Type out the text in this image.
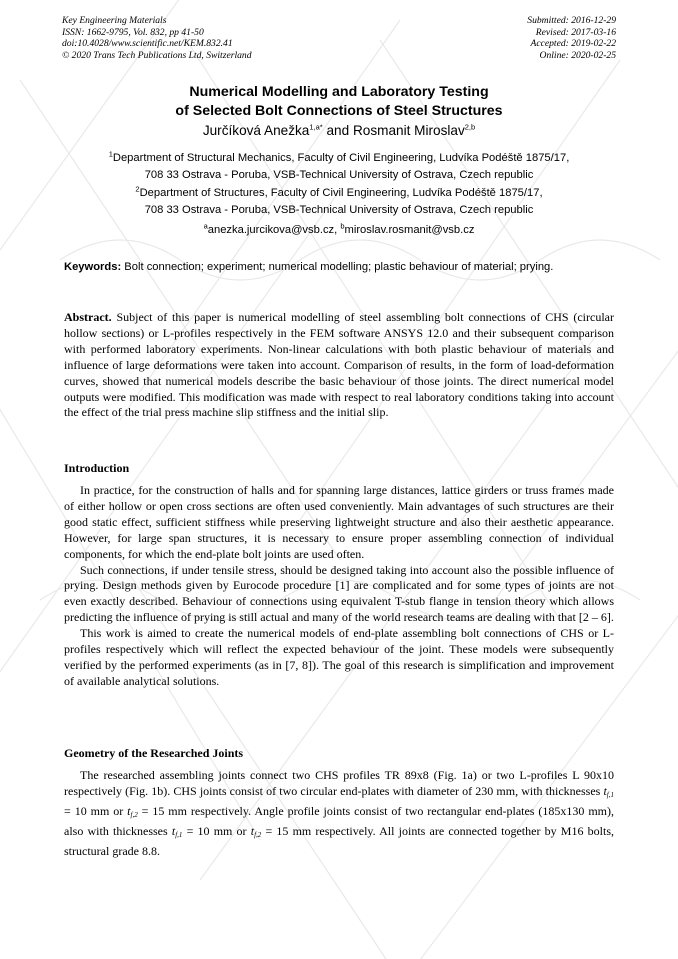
Key Engineering Materials
ISSN: 1662-9795, Vol. 832, pp 41-50
doi:10.4028/www.scientific.net/KEM.832.41
© 2020 Trans Tech Publications Ltd, Switzerland
Submitted: 2016-12-29
Revised: 2017-03-16
Accepted: 2019-02-22
Online: 2020-02-25
Numerical Modelling and Laboratory Testing
of Selected Bolt Connections of Steel Structures
Jurčíková Anežka$^{1,a*}$ and Rosmanit Miroslav$^{2,b}$
$^1$Department of Structural Mechanics, Faculty of Civil Engineering, Ludvíka Podéště 1875/17,
708 33 Ostrava - Poruba, VSB-Technical University of Ostrava, Czech republic
$^2$Department of Structures, Faculty of Civil Engineering, Ludvíka Podéště 1875/17,
708 33 Ostrava - Poruba, VSB-Technical University of Ostrava, Czech republic
$^a$anezka.jurcikova@vsb.cz, $^b$miroslav.rosmanit@vsb.cz
Keywords: Bolt connection; experiment; numerical modelling; plastic behaviour of material; prying.
Abstract. Subject of this paper is numerical modelling of steel assembling bolt connections of CHS (circular hollow sections) or L-profiles respectively in the FEM software ANSYS 12.0 and their subsequent comparison with performed laboratory experiments. Non-linear calculations with both plastic behaviour of materials and influence of large deformations were taken into account. Comparison of results, in the form of load-deformation curves, showed that numerical models describe the basic behaviour of those joints. The direct numerical model outputs were modified. This modification was made with respect to real laboratory conditions taking into account the effect of the trial press machine slip stiffness and the initial slip.
Introduction

In practice, for the construction of halls and for spanning large distances, lattice girders or truss frames made of either hollow or open cross sections are often used conveniently. Main advantages of such structures are their good static effect, sufficient stiffness while preserving lightweight structure and also their aesthetic appearance. However, for large span structures, it is necessary to ensure proper assembling connection of individual components, for which the end-plate bolt joints are used often.

Such connections, if under tensile stress, should be designed taking into account also the possible influence of prying. Design methods given by Eurocode procedure [1] are complicated and for some types of joints are not even exactly described. Behaviour of connections using equivalent T-stub flange in tension theory which allows predicting the influence of prying is still actual and many of the world research teams are dealing with that [2 – 6].

This work is aimed to create the numerical models of end-plate assembling bolt connections of CHS or L-profiles respectively which will reflect the expected behaviour of the joint. These models were subsequently verified by the performed experiments (as in [7, 8]). The goal of this research is simplification and improvement of available analytical solutions.

Geometry of the Researched Joints

The researched assembling joints connect two CHS profiles TR 89x8 (Fig. 1a) or two L-profiles L 90x10 respectively (Fig. 1b). CHS joints consist of two circular end-plates with diameter of 230 mm, with thicknesses $t_{f,1} = 10$ mm or $t_{f,2} = 15$ mm respectively. Angle profile joints consist of two rectangular end-plates (185x130 mm), also with thicknesses $t_{f,1} = 10$ mm or $t_{f,2} = 15$ mm respectively. All joints are connected together by M16 bolts, structural grade 8.8.
